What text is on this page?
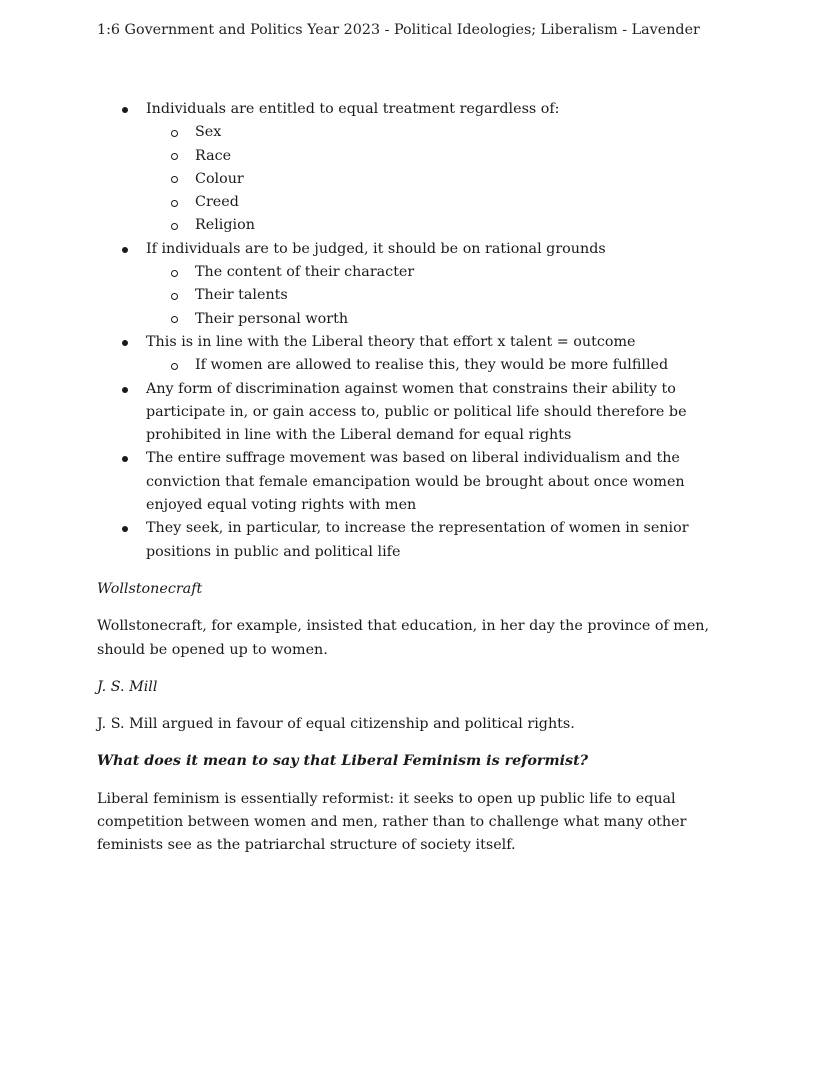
1:6 Government and Politics Year 2023 - Political Ideologies; Liberalism - Lavender
Individuals are entitled to equal treatment regardless of:
Sex
Race
Colour
Creed
Religion
If individuals are to be judged, it should be on rational grounds
The content of their character
Their talents
Their personal worth
This is in line with the Liberal theory that effort x talent = outcome
If women are allowed to realise this, they would be more fulfilled
Any form of discrimination against women that constrains their ability to participate in, or gain access to, public or political life should therefore be prohibited in line with the Liberal demand for equal rights
The entire suffrage movement was based on liberal individualism and the conviction that female emancipation would be brought about once women enjoyed equal voting rights with men
They seek, in particular, to increase the representation of women in senior positions in public and political life

Wollstonecraft

Wollstonecraft, for example, insisted that education, in her day the province of men, should be opened up to women.

J. S. Mill

J. S. Mill argued in favour of equal citizenship and political rights.

What does it mean to say that Liberal Feminism is reformist?

Liberal feminism is essentially reformist: it seeks to open up public life to equal competition between women and men, rather than to challenge what many other feminists see as the patriarchal structure of society itself.
